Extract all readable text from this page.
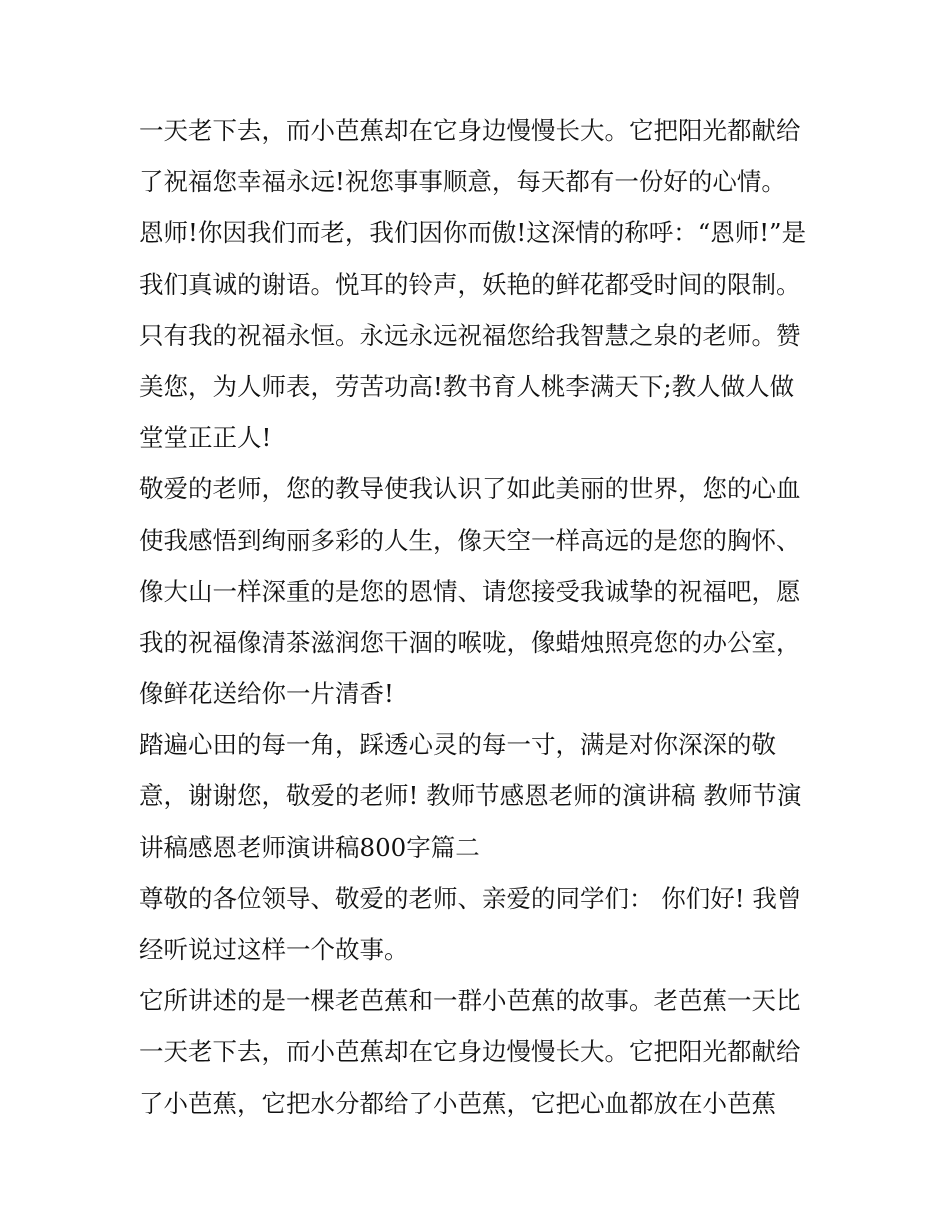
一天老下去，而小芭蕉却在它身边慢慢长大。它把阳光都献给
了祝福您幸福永远!祝您事事顺意，每天都有一份好的心情。
恩师!你因我们而老，我们因你而傲!这深情的称呼：“恩师!”是
我们真诚的谢语。悦耳的铃声，妖艳的鲜花都受时间的限制。
只有我的祝福永恒。永远永远祝福您给我智慧之泉的老师。赞
美您，为人师表，劳苦功高!教书育人桃李满天下;教人做人做
堂堂正正人!
敬爱的老师，您的教导使我认识了如此美丽的世界，您的心血
使我感悟到绚丽多彩的人生，像天空一样高远的是您的胸怀、
像大山一样深重的是您的恩情、请您接受我诚挚的祝福吧，愿
我的祝福像清茶滋润您干涸的喉咙，像蜡烛照亮您的办公室，
像鲜花送给你一片清香!
踏遍心田的每一角，踩透心灵的每一寸，满是对你深深的敬
意，谢谢您，敬爱的老师! 教师节感恩老师的演讲稿 教师节演
讲稿感恩老师演讲稿800字篇二
尊敬的各位领导、敬爱的老师、亲爱的同学们： 你们好! 我曾
经听说过这样一个故事。
它所讲述的是一棵老芭蕉和一群小芭蕉的故事。老芭蕉一天比
一天老下去，而小芭蕉却在它身边慢慢长大。它把阳光都献给
了小芭蕉，它把水分都给了小芭蕉，它把心血都放在小芭蕉
